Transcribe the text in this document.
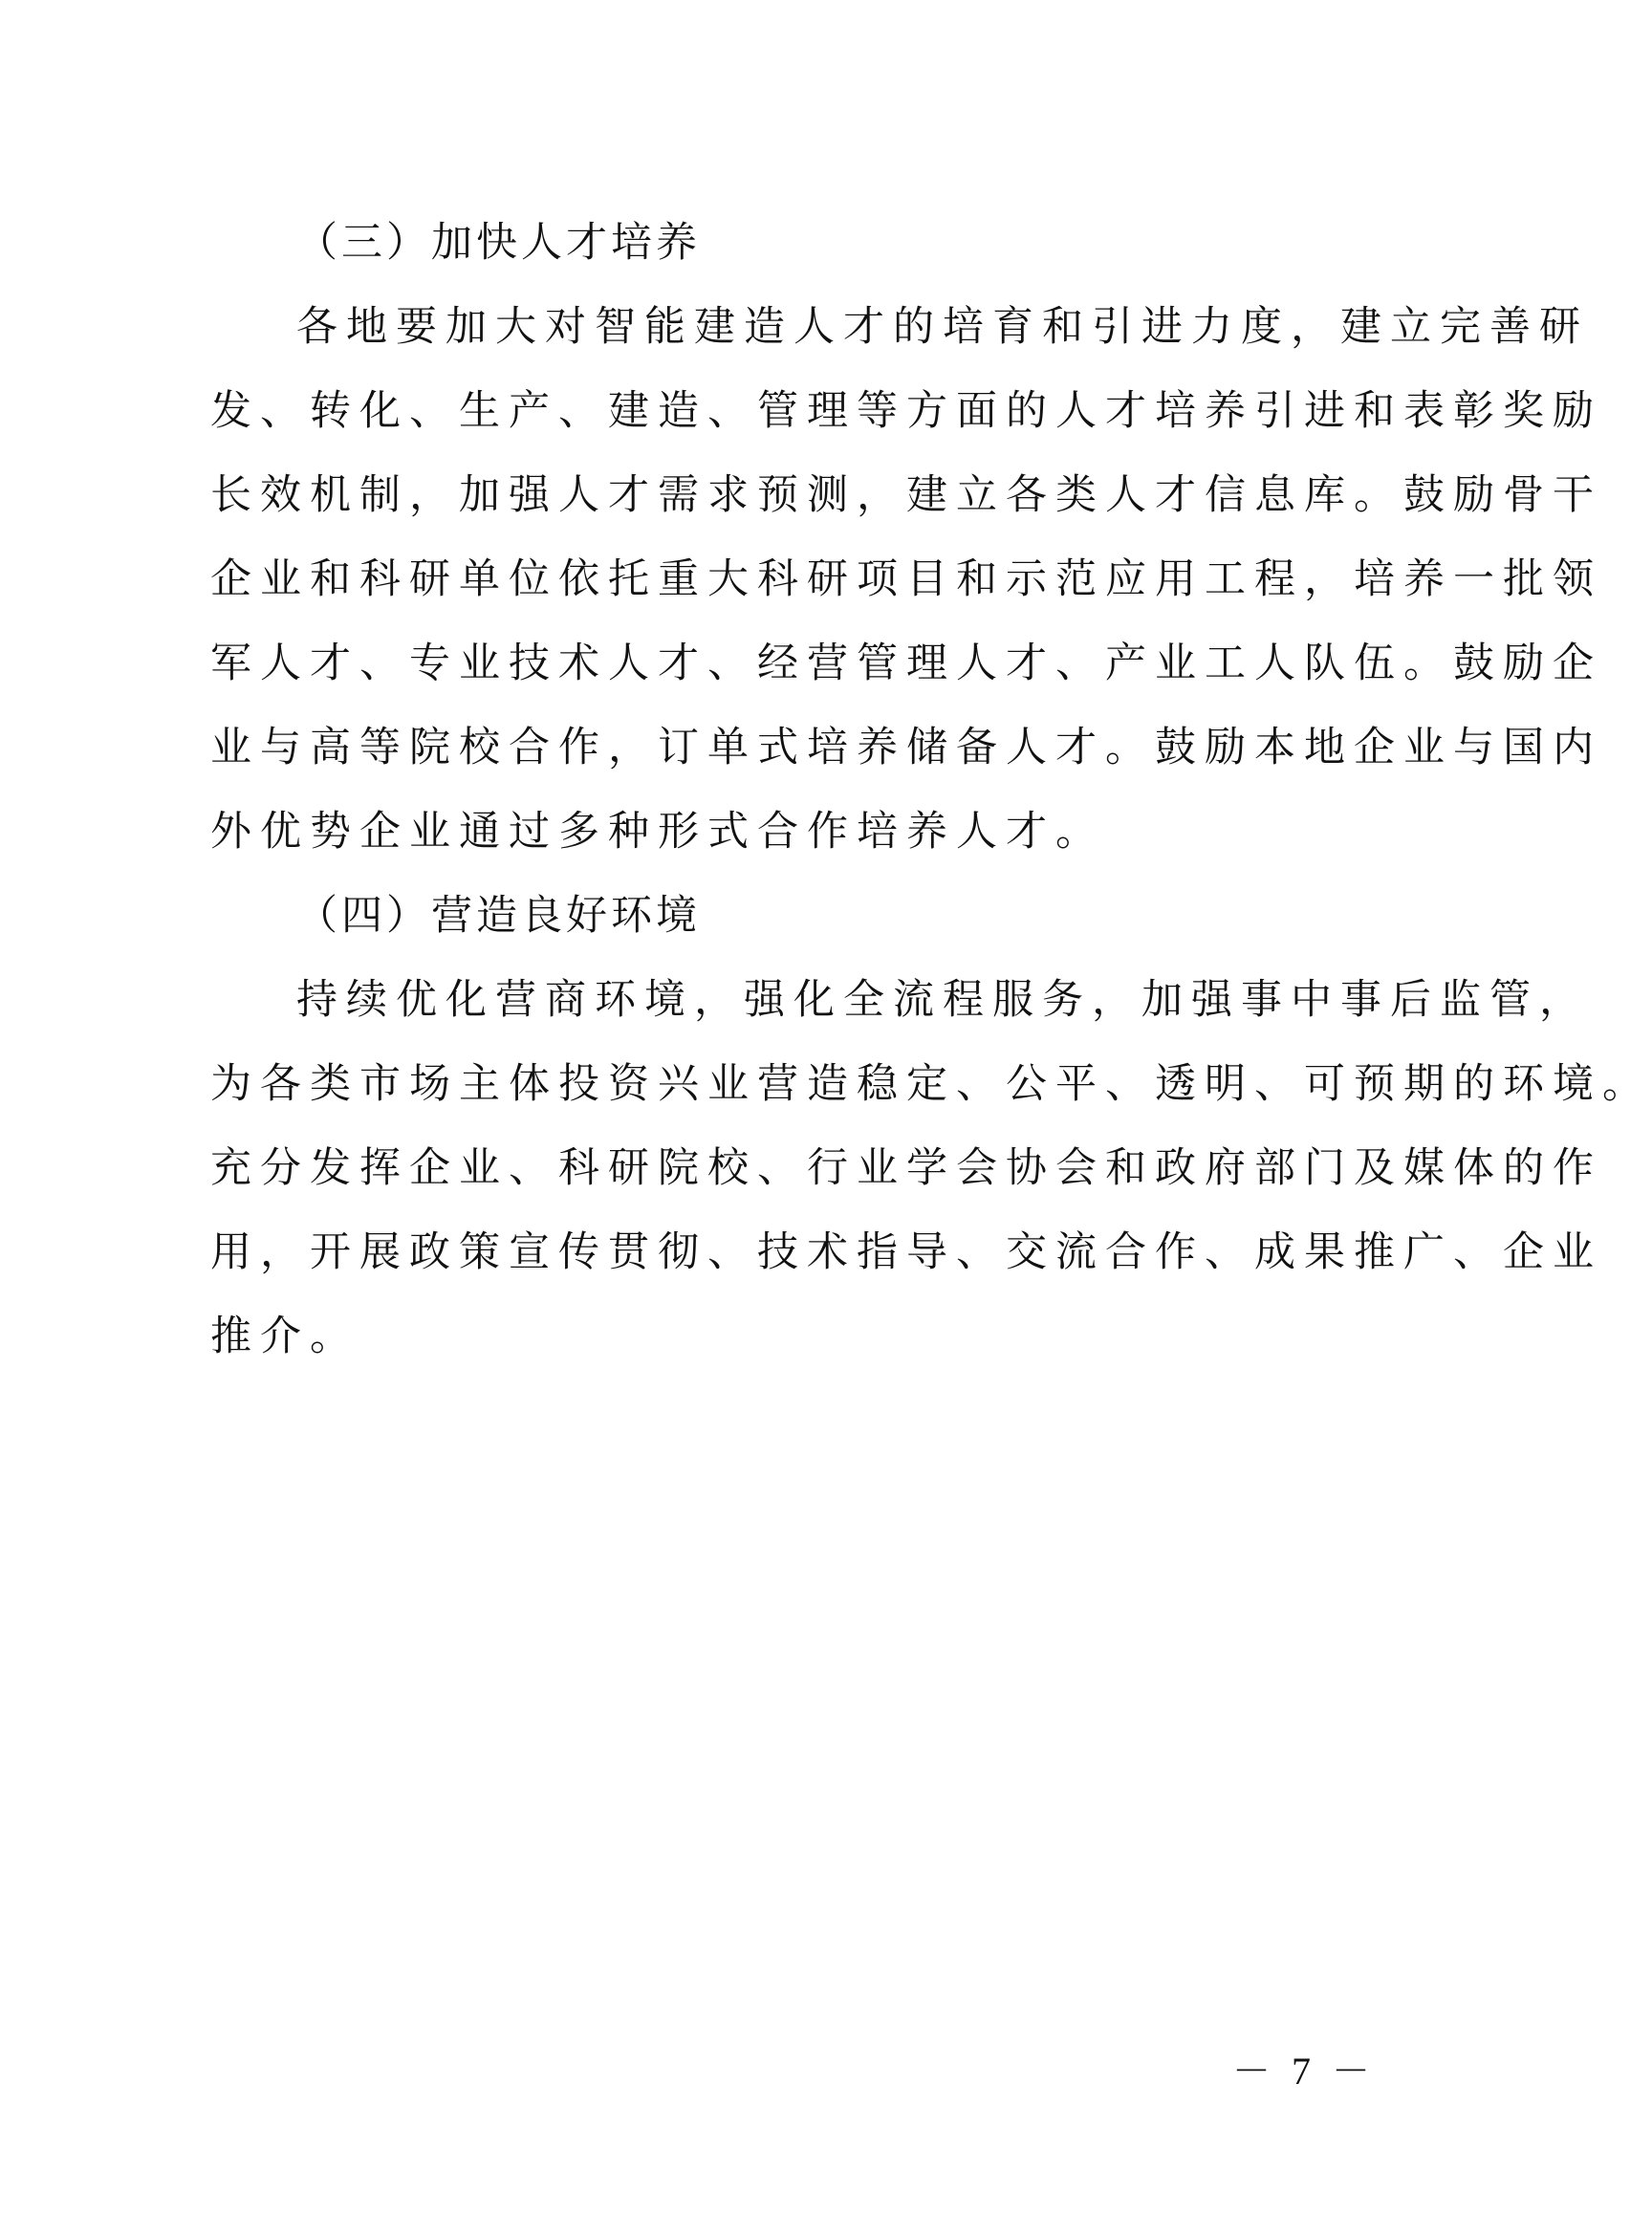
（三）加快人才培养
各地要加大对智能建造人才的培育和引进力度，建立完善研
发、转化、生产、建造、管理等方面的人才培养引进和表彰奖励
长效机制，加强人才需求预测，建立各类人才信息库。鼓励骨干
企业和科研单位依托重大科研项目和示范应用工程，培养一批领
军人才、专业技术人才、经营管理人才、产业工人队伍。鼓励企
业与高等院校合作，订单式培养储备人才。鼓励本地企业与国内
外优势企业通过多种形式合作培养人才。
（四）营造良好环境
持续优化营商环境，强化全流程服务，加强事中事后监管，
为各类市场主体投资兴业营造稳定、公平、透明、可预期的环境。
充分发挥企业、科研院校、行业学会协会和政府部门及媒体的作
用，开展政策宣传贯彻、技术指导、交流合作、成果推广、企业
推介。
－ 7 －
